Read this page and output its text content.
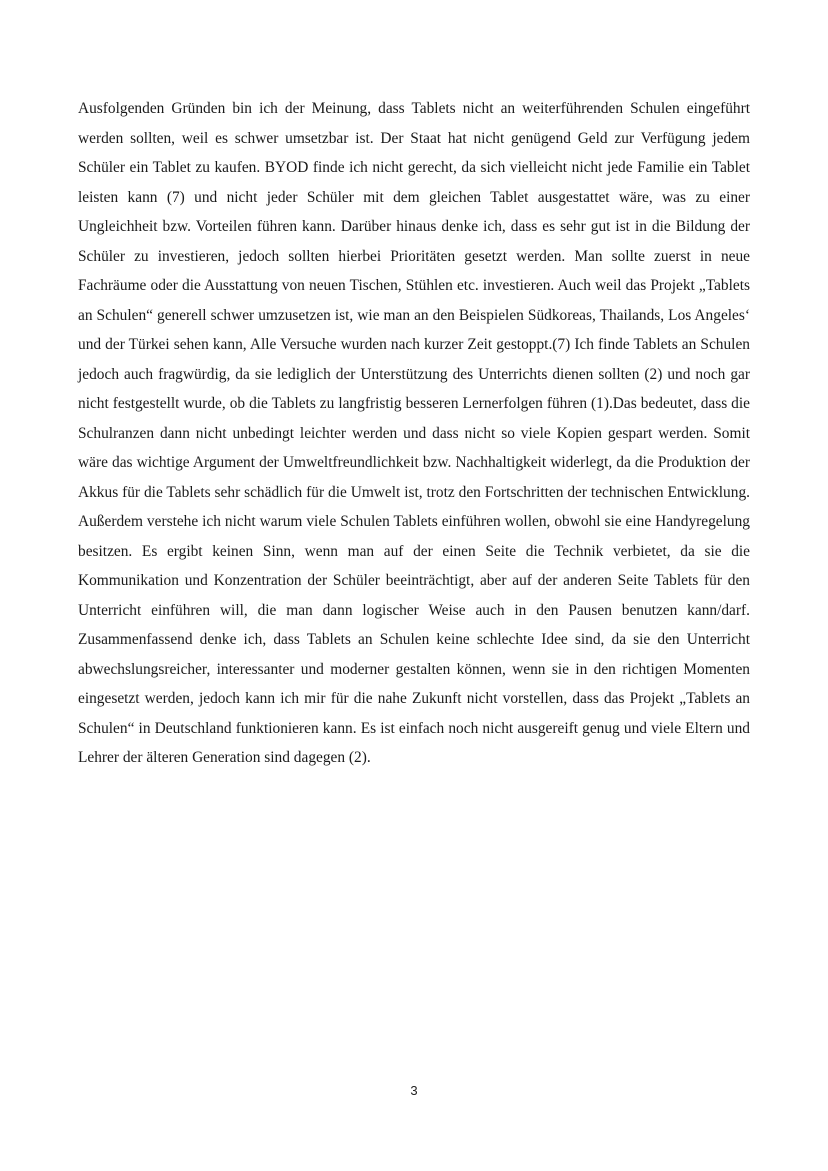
Ausfolgenden Gründen bin ich der Meinung, dass Tablets nicht an weiterführenden Schulen eingeführt werden sollten, weil es schwer umsetzbar ist. Der Staat hat nicht genügend Geld zur Verfügung jedem Schüler ein Tablet zu kaufen. BYOD finde ich nicht gerecht, da sich vielleicht nicht jede Familie ein Tablet leisten kann (7) und nicht jeder Schüler mit dem gleichen Tablet ausgestattet wäre, was zu einer Ungleichheit bzw. Vorteilen führen kann. Darüber hinaus denke ich, dass es sehr gut ist in die Bildung der Schüler zu investieren, jedoch sollten hierbei Prioritäten gesetzt werden. Man sollte zuerst in neue Fachräume oder die Ausstattung von neuen Tischen, Stühlen etc. investieren. Auch weil das Projekt „Tablets an Schulen“ generell schwer umzusetzen ist, wie man an den Beispielen Südkoreas, Thailands, Los Angeles‘ und der Türkei sehen kann, Alle Versuche wurden nach kurzer Zeit gestoppt.(7) Ich finde Tablets an Schulen jedoch auch fragwürdig, da sie lediglich der Unterstützung des Unterrichts dienen sollten (2) und noch gar nicht festgestellt wurde, ob die Tablets zu langfristig besseren Lernerfolgen führen (1).Das bedeutet, dass die Schulranzen dann nicht unbedingt leichter werden und dass nicht so viele Kopien gespart werden. Somit wäre das wichtige Argument der Umweltfreundlichkeit bzw. Nachhaltigkeit widerlegt, da die Produktion der Akkus für die Tablets sehr schädlich für die Umwelt ist, trotz den Fortschritten der technischen Entwicklung. Außerdem verstehe ich nicht warum viele Schulen Tablets einführen wollen, obwohl sie eine Handyregelung besitzen. Es ergibt keinen Sinn, wenn man auf der einen Seite die Technik verbietet, da sie die Kommunikation und Konzentration der Schüler beeinträchtigt, aber auf der anderen Seite Tablets für den Unterricht einführen will, die man dann logischer Weise auch in den Pausen benutzen kann/darf. Zusammenfassend denke ich, dass Tablets an Schulen keine schlechte Idee sind, da sie den Unterricht abwechslungsreicher, interessanter und moderner gestalten können, wenn sie in den richtigen Momenten eingesetzt werden, jedoch kann ich mir für die nahe Zukunft nicht vorstellen, dass das Projekt „Tablets an Schulen“ in Deutschland funktionieren kann. Es ist einfach noch nicht ausgereift genug und viele Eltern und Lehrer der älteren Generation sind dagegen (2).

3
